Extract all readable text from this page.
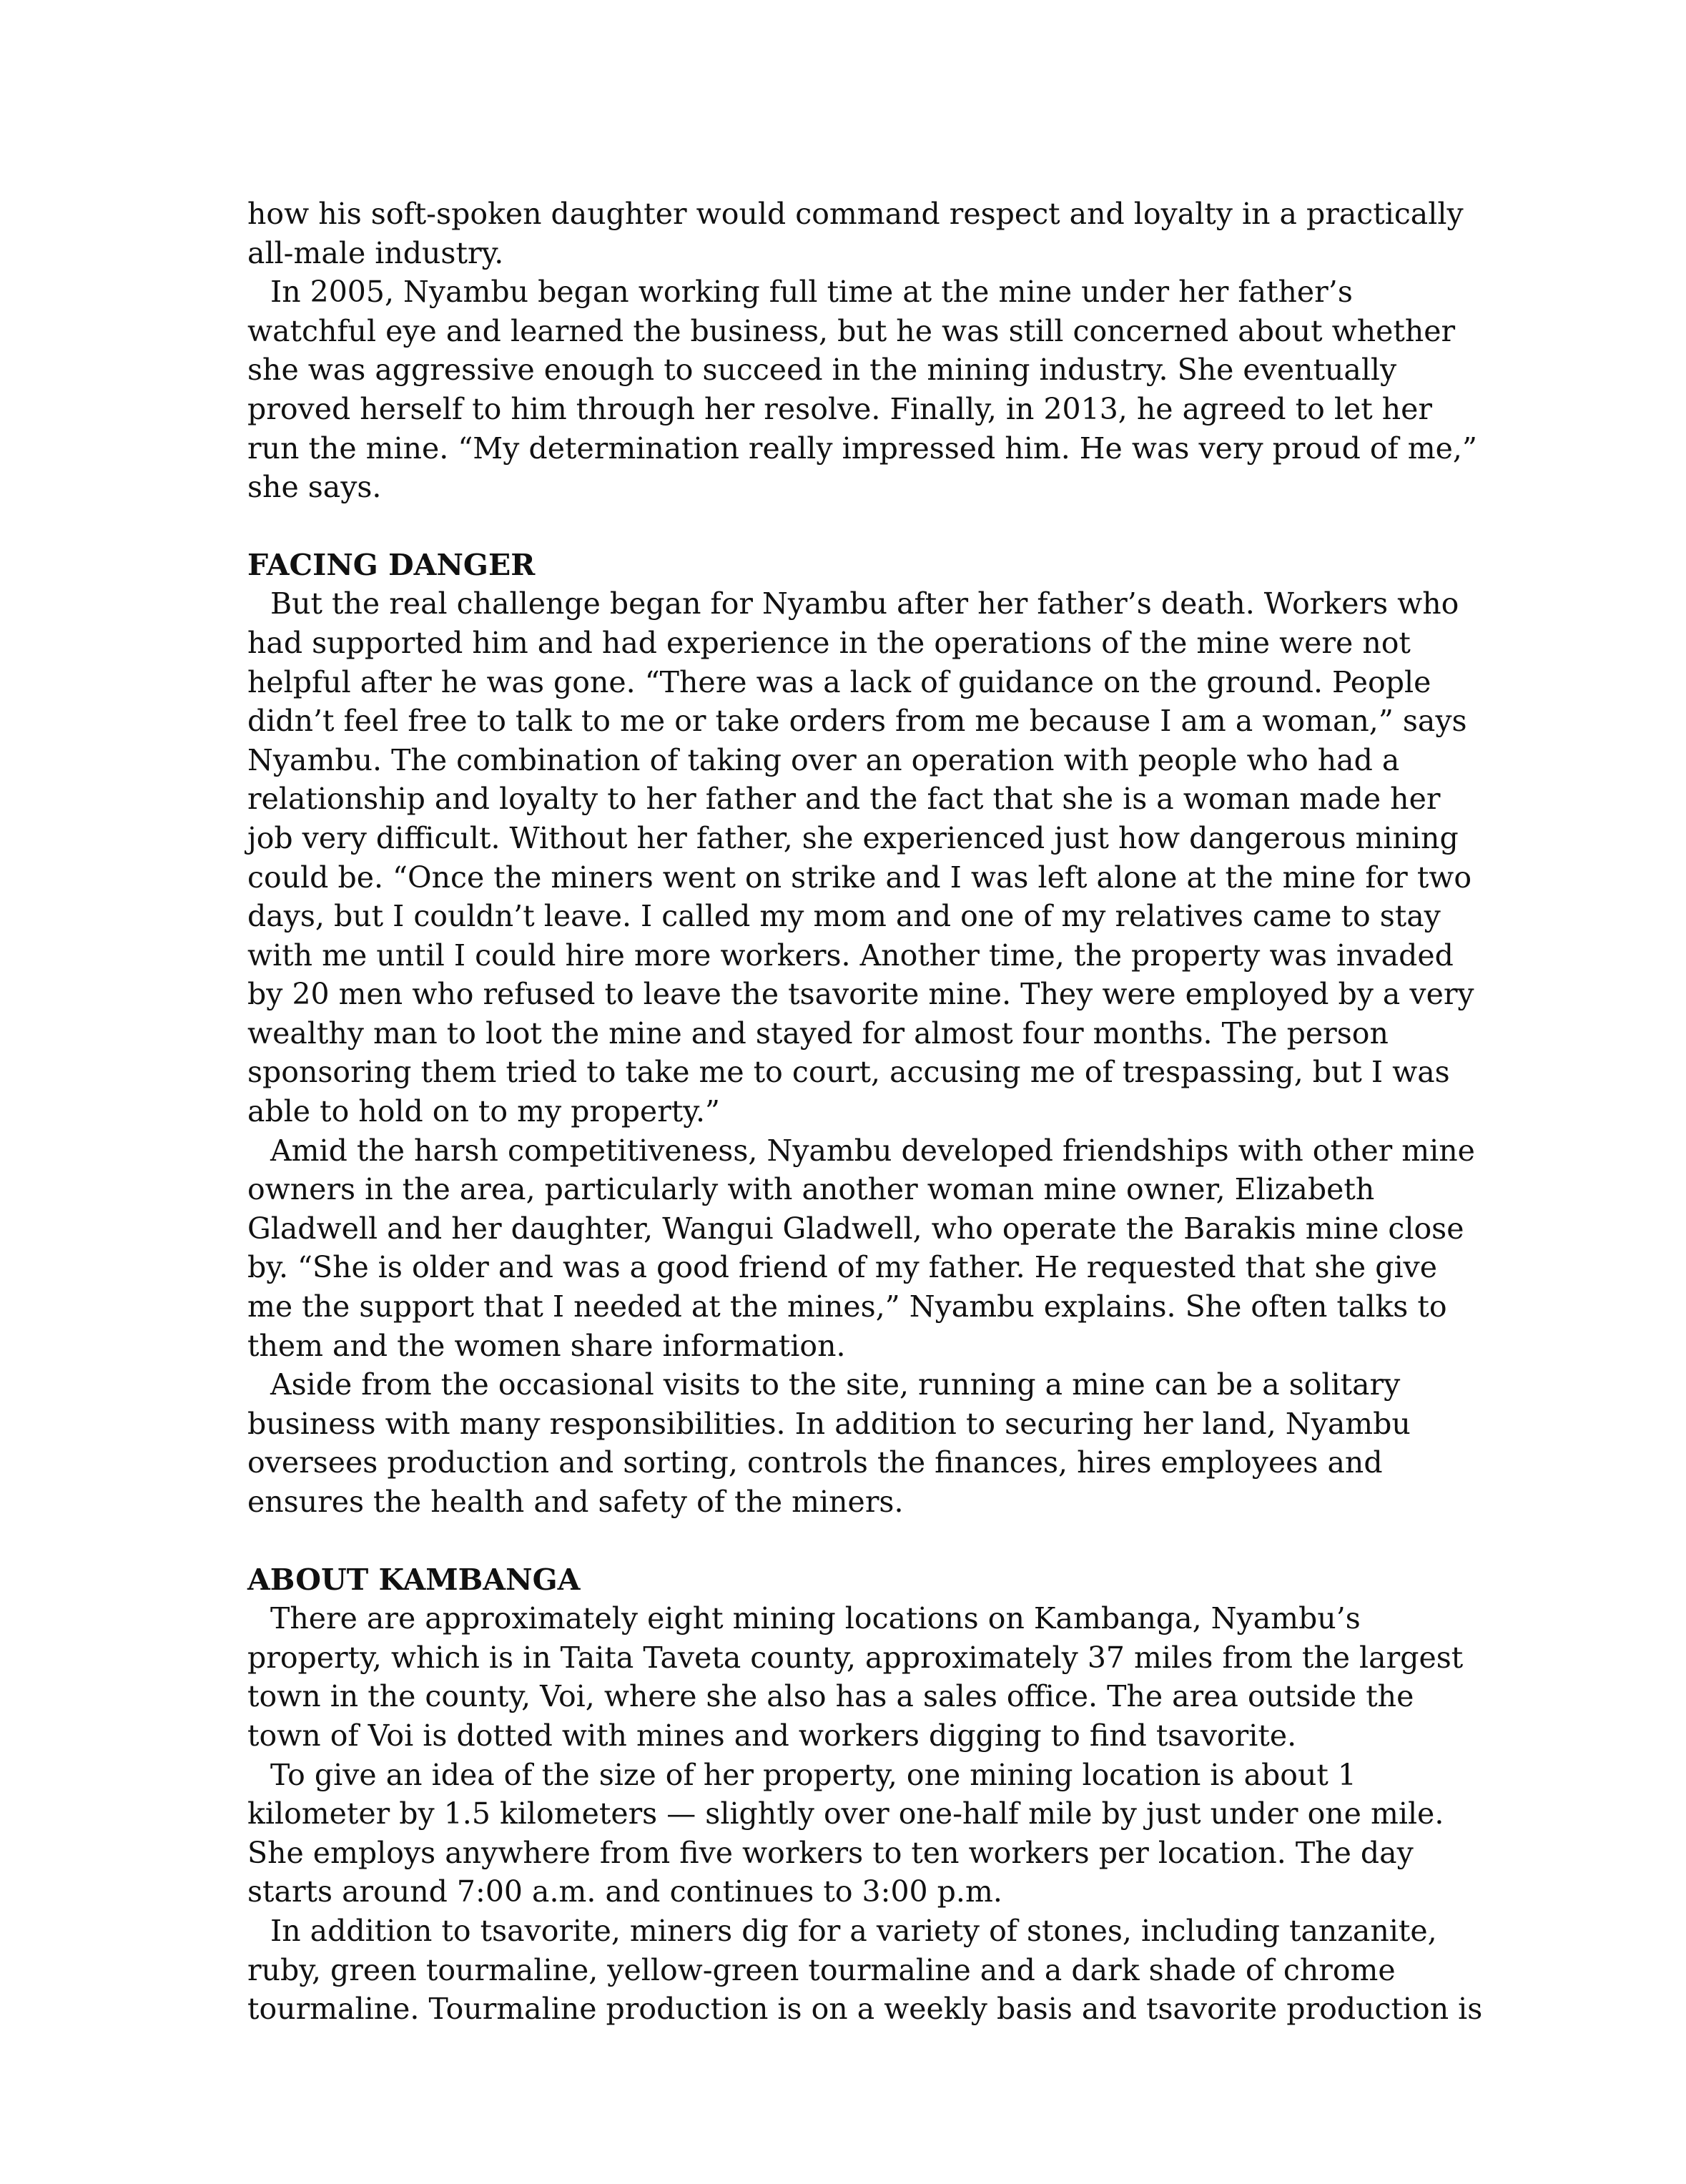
how his soft-spoken daughter would command respect and loyalty in a practically all-male industry.

In 2005, Nyambu began working full time at the mine under her father’s watchful eye and learned the business, but he was still concerned about whether she was aggressive enough to succeed in the mining industry. She eventually proved herself to him through her resolve. Finally, in 2013, he agreed to let her run the mine. “My determination really impressed him. He was very proud of me,” she says.

FACING DANGER

But the real challenge began for Nyambu after her father’s death. Workers who had supported him and had experience in the operations of the mine were not helpful after he was gone. “There was a lack of guidance on the ground. People didn’t feel free to talk to me or take orders from me because I am a woman,” says Nyambu. The combination of taking over an operation with people who had a relationship and loyalty to her father and the fact that she is a woman made her job very difficult. Without her father, she experienced just how dangerous mining could be. “Once the miners went on strike and I was left alone at the mine for two days, but I couldn’t leave. I called my mom and one of my relatives came to stay with me until I could hire more workers. Another time, the property was invaded by 20 men who refused to leave the tsavorite mine. They were employed by a very wealthy man to loot the mine and stayed for almost four months. The person sponsoring them tried to take me to court, accusing me of trespassing, but I was able to hold on to my property.”

Amid the harsh competitiveness, Nyambu developed friendships with other mine owners in the area, particularly with another woman mine owner, Elizabeth Gladwell and her daughter, Wangui Gladwell, who operate the Barakis mine close by. “She is older and was a good friend of my father. He requested that she give me the support that I needed at the mines,” Nyambu explains. She often talks to them and the women share information.

Aside from the occasional visits to the site, running a mine can be a solitary business with many responsibilities. In addition to securing her land, Nyambu oversees production and sorting, controls the finances, hires employees and ensures the health and safety of the miners.

ABOUT KAMBANGA

There are approximately eight mining locations on Kambanga, Nyambu’s property, which is in Taita Taveta county, approximately 37 miles from the largest town in the county, Voi, where she also has a sales office. The area outside the town of Voi is dotted with mines and workers digging to find tsavorite.

To give an idea of the size of her property, one mining location is about 1 kilometer by 1.5 kilometers — slightly over one-half mile by just under one mile. She employs anywhere from five workers to ten workers per location. The day starts around 7:00 a.m. and continues to 3:00 p.m.

In addition to tsavorite, miners dig for a variety of stones, including tanzanite, ruby, green tourmaline, yellow-green tourmaline and a dark shade of chrome tourmaline. Tourmaline production is on a weekly basis and tsavorite production is
